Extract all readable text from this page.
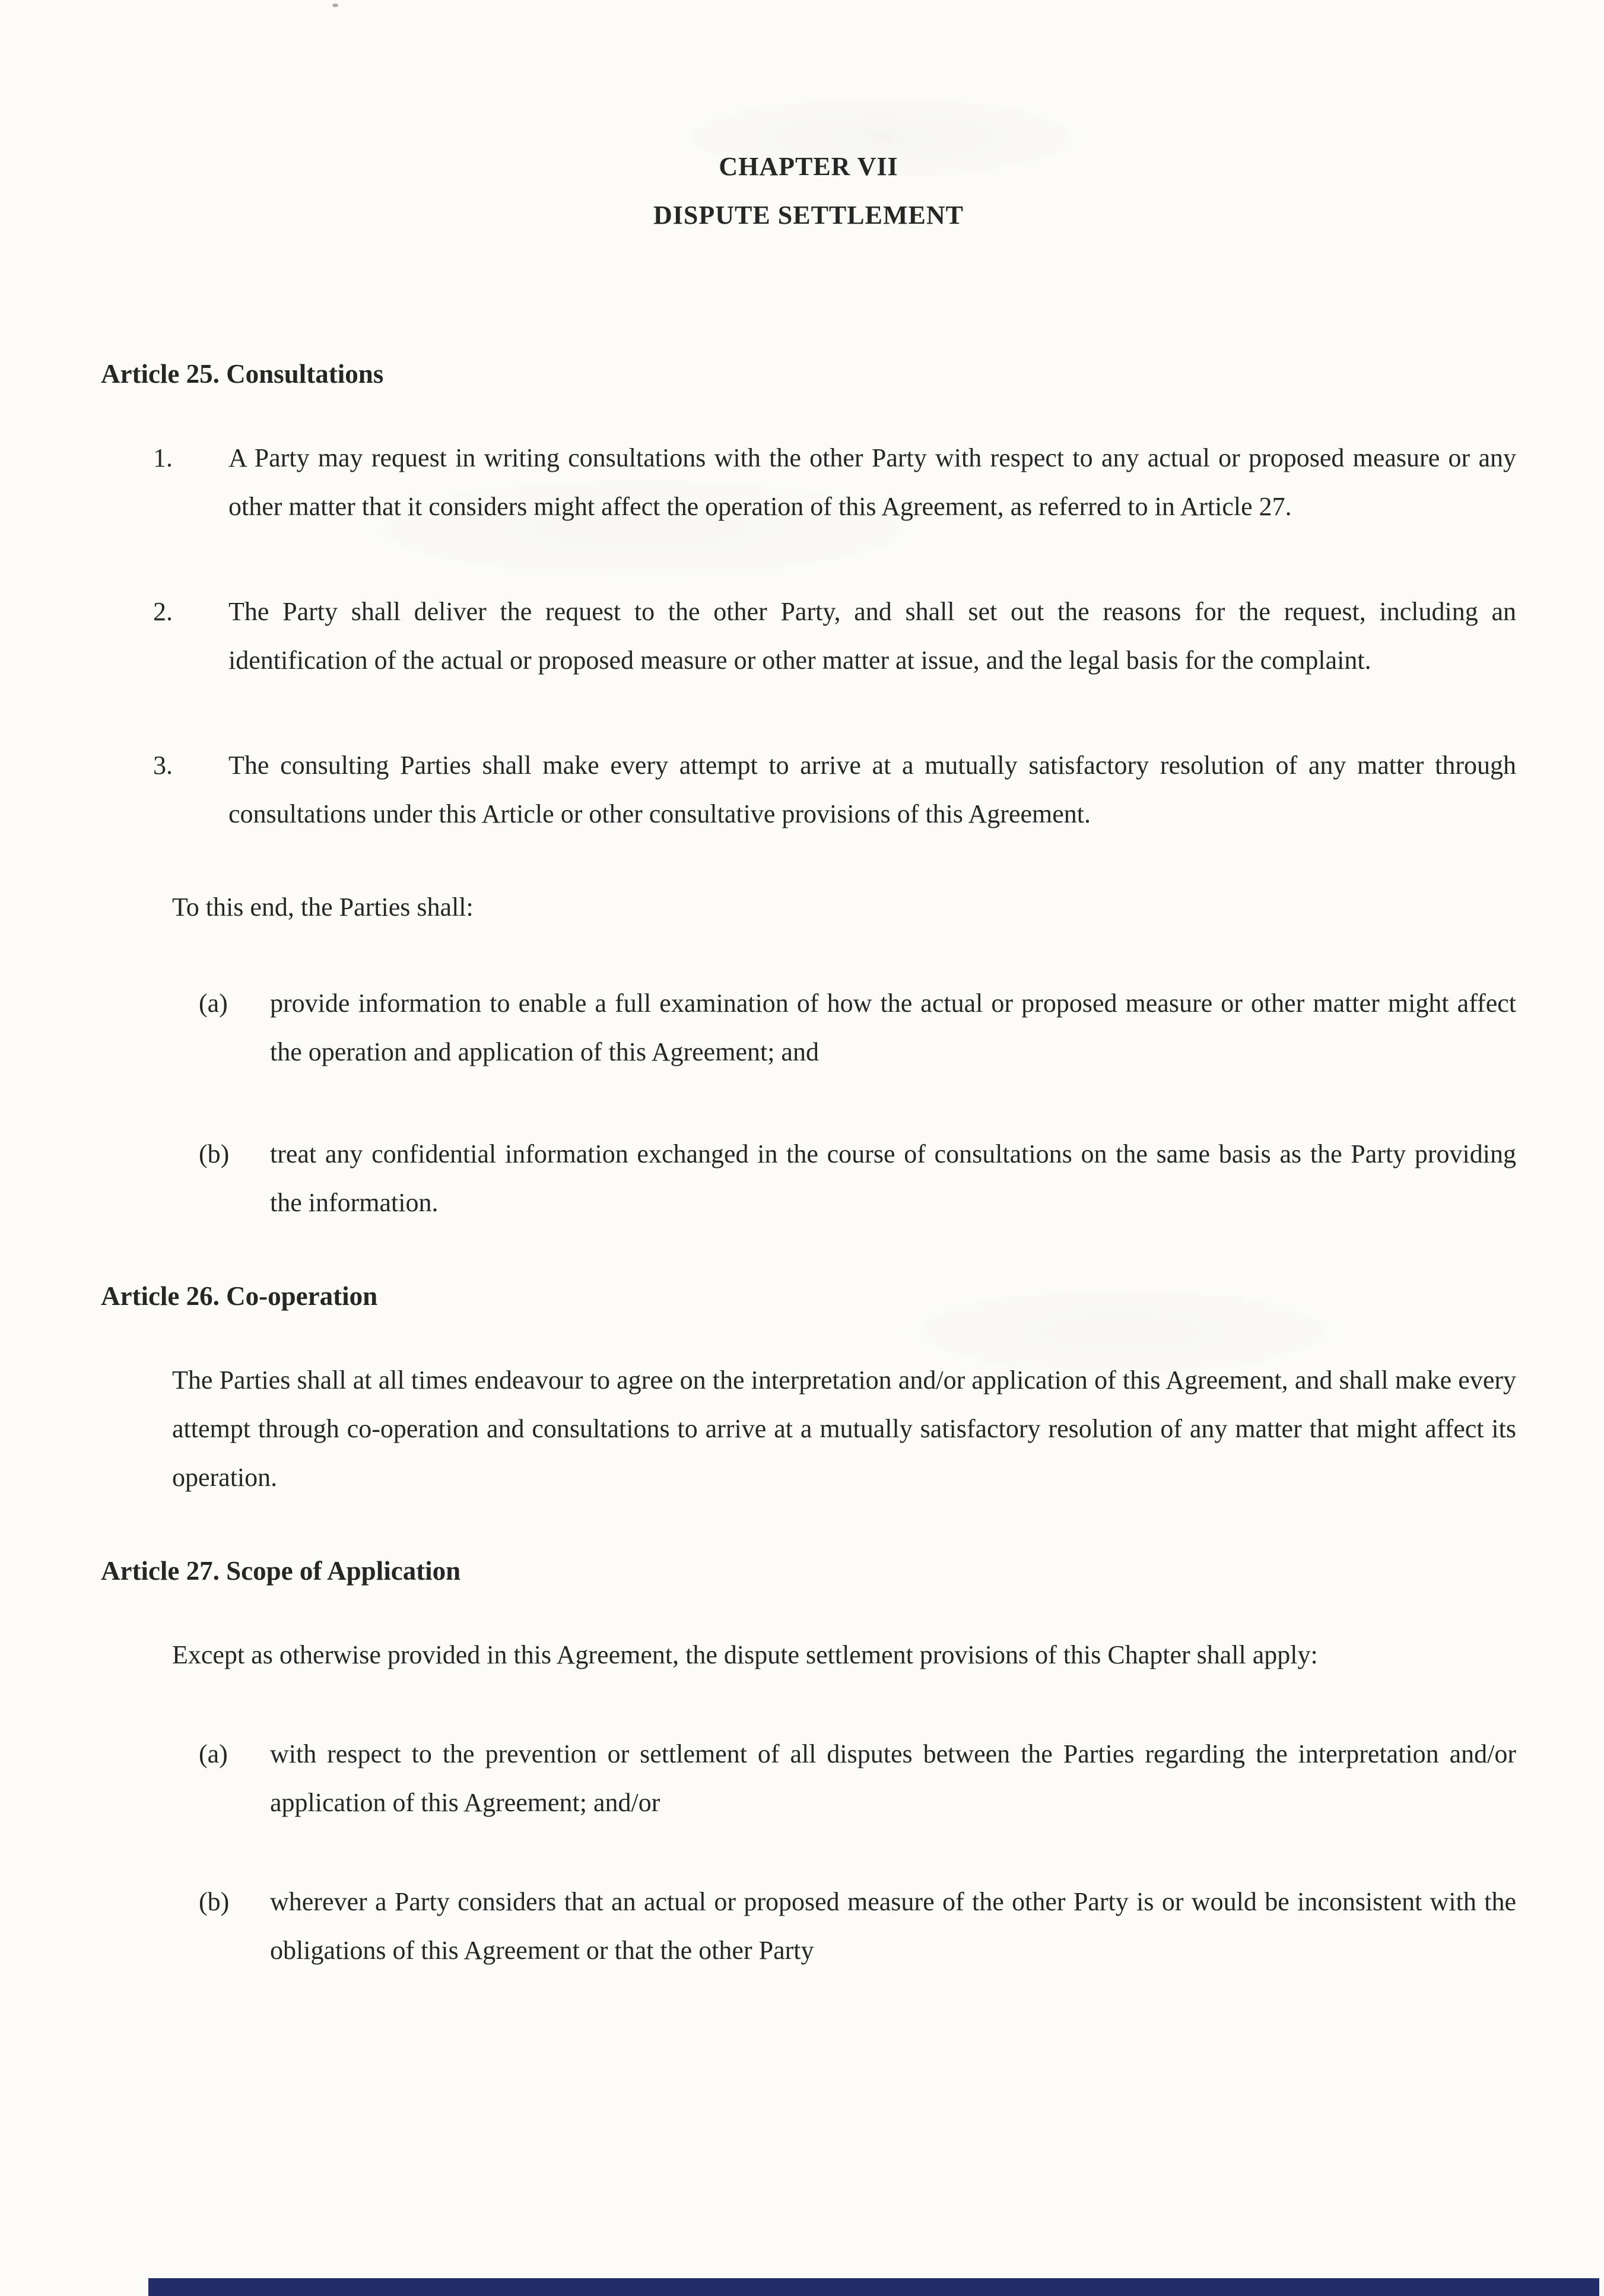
CHAPTER VII
DISPUTE SETTLEMENT
Article 25. Consultations
1.	A Party may request in writing consultations with the other Party with respect to any actual or proposed measure or any other matter that it considers might affect the operation of this Agreement, as referred to in Article 27.
2.	The Party shall deliver the request to the other Party, and shall set out the reasons for the request, including an identification of the actual or proposed measure or other matter at issue, and the legal basis for the complaint.
3.	The consulting Parties shall make every attempt to arrive at a mutually satisfactory resolution of any matter through consultations under this Article or other consultative provisions of this Agreement.
To this end, the Parties shall:
(a)	provide information to enable a full examination of how the actual or proposed measure or other matter might affect the operation and application of this Agreement; and
(b)	treat any confidential information exchanged in the course of consultations on the same basis as the Party providing the information.
Article 26. Co-operation

The Parties shall at all times endeavour to agree on the interpretation and/or application of this Agreement, and shall make every attempt through co-operation and consultations to arrive at a mutually satisfactory resolution of any matter that might affect its operation.

Article 27. Scope of Application

Except as otherwise provided in this Agreement, the dispute settlement provisions of this Chapter shall apply:

(a)	with respect to the prevention or settlement of all disputes between the Parties regarding the interpretation and/or application of this Agreement; and/or
(b)	wherever a Party considers that an actual or proposed measure of the other Party is or would be inconsistent with the obligations of this Agreement or that the other Party
